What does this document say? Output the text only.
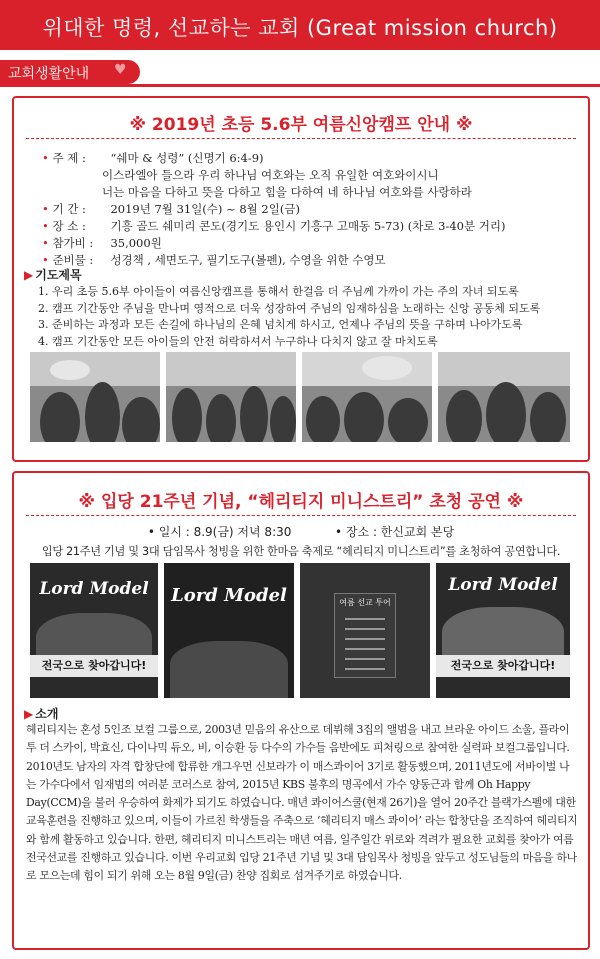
위대한 명령, 선교하는 교회 (Great mission church)
교회생활안내 ♥
※ 2019년 초등 5.6부 여름신앙캠프 안내 ※
• 주 제 : “쉐마 & 성령” (신명기 6:4-9)
이스라엘아 들으라 우리 하나님 여호와는 오직 유일한 여호와이시니
너는 마음을 다하고 뜻을 다하고 힘을 다하여 네 하나님 여호와를 사랑하라
• 기 간 : 2019년 7월 31일(수) ~ 8월 2일(금)
• 장 소 : 기흥 골드 쉐미리 콘도(경기도 용인시 기흥구 고매동 5-73) (차로 3-40분 거리)
• 참가비 : 35,000원
• 준비물 : 성경책 , 세면도구, 필기도구(볼펜), 수영을 위한 수영모
▶ 기도제목
1. 우리 초등 5.6부 아이들이 여름신앙캠프를 통해서 한걸음 더 주님께 가까이 가는 주의 자녀 되도록
2. 캠프 기간동안 주님을 만나며 영적으로 더욱 성장하여 주님의 임재하심을 노래하는 신앙 공동체 되도록
3. 준비하는 과정과 모든 손길에 하나님의 은혜 넘치게 하시고, 언제나 주님의 뜻을 구하며 나아가도록
4. 캠프 기간동안 모든 아이들의 안전 허락하셔서 누구하나 다치지 않고 잘 마치도록
※ 입당 21주년 기념, “헤리티지 미니스트리” 초청 공연 ※
• 일시 : 8.9(금) 저녁 8:30	• 장소 : 한신교회 본당
입당 21주년 기념 및 3대 담임목사 청빙을 위한 한마음 축제로 “헤리티지 미니스트리”를 초청하여 공연합니다.
Lord Model
전국으로 찾아갑니다!
Lord Model	여름 선교 투어
Lord Model
전국으로 찾아갑니다!
▶ 소개

헤리티지는 혼성 5인조 보컬 그룹으로, 2003년 믿음의 유산으로 데뷔해 3집의 앨범을 내고 브라운 아이드 소울, 플라이 투 더 스카이, 박효신, 다이나믹 듀오, 비, 이승환 등 다수의 가수들 음반에도 피처링으로 참여한 실력파 보컬그룹입니다. 2010년도 남자의 자격 합창단에 합류한 개그우먼 신보라가 이 매스콰이어 3기로 활동했으며, 2011년도에 서바이벌 나는 가수다에서 임재범의 여러분 코러스로 참여, 2015년 KBS 불후의 명곡에서 가수 양동근과 함께 Oh Happy Day(CCM)을 불러 우승하여 화제가 되기도 하였습니다. 매년 콰이어스쿨(현재 26기)을 열어 20주간 블랙가스펠에 대한 교육훈련을 진행하고 있으며, 이들이 가르친 학생들을 주축으로 ‘헤리티지 매스 콰이어’ 라는 합창단을 조직하여 헤리티지와 함께 활동하고 있습니다. 한편, 헤리티지 미니스트리는 매년 여름, 일주일간 위로와 격려가 필요한 교회를 찾아가 여름전국선교를 진행하고 있습니다. 이번 우리교회 입당 21주년 기념 및 3대 담임목사 청빙을 앞두고 성도님들의 마음을 하나로 모으는데 힘이 되기 위해 오는 8월 9일(금) 찬양 집회로 섬겨주기로 하였습니다.
